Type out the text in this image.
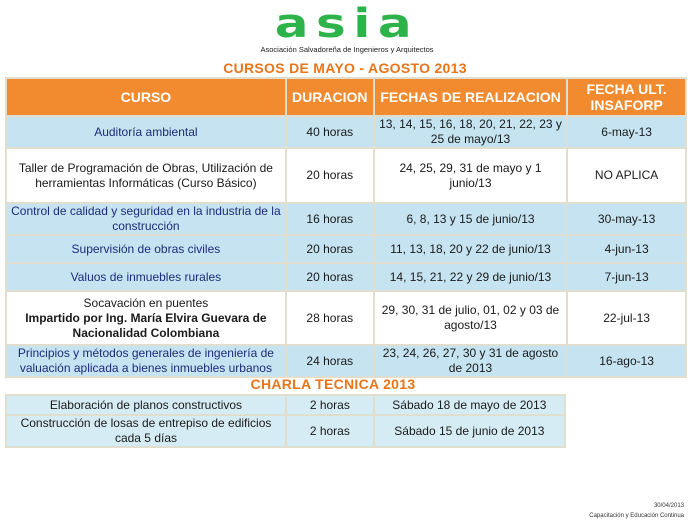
asia
Asociación Salvadoreña de Ingenieros y Arquitectos
CURSOS DE MAYO - AGOSTO 2013
CURSO	DURACION	FECHAS DE REALIZACION	FECHA ULT. INSAFORP
Auditoría ambiental	40 horas	13, 14, 15, 16, 18, 20, 21, 22, 23 y 25 de mayo/13	6-may-13
Taller de Programación de Obras, Utilización de herramientas Informáticas (Curso Básico)	20 horas	24, 25, 29, 31 de mayo y 1 junio/13	NO APLICA
Control de calidad y seguridad en la industria de la construcción	16 horas	6, 8, 13 y 15 de junio/13	30-may-13
Supervisión de obras civiles	20 horas	11, 13, 18, 20 y 22 de junio/13	4-jun-13
Valuos de inmuebles rurales	20 horas	14, 15, 21, 22 y 29 de junio/13	7-jun-13

Socavación en puentes
Impartido por Ing. María Elvira Guevara de Nacionalidad Colombiana	28 horas	29, 30, 31 de julio, 01, 02 y 03 de agosto/13	22-jul-13
Principios y métodos generales de ingeniería de valuación aplicada a bienes inmuebles urbanos	24 horas	23, 24, 26, 27, 30 y 31 de agosto de 2013	16-ago-13
CHARLA TECNICA 2013
Elaboración de planos constructivos	2 horas	Sábado 18 de mayo de 2013
Construcción de losas de entrepiso de edificios cada 5 días	2 horas	Sábado 15 de junio de 2013
30/04/2013
Capacitación y Educación Continua
